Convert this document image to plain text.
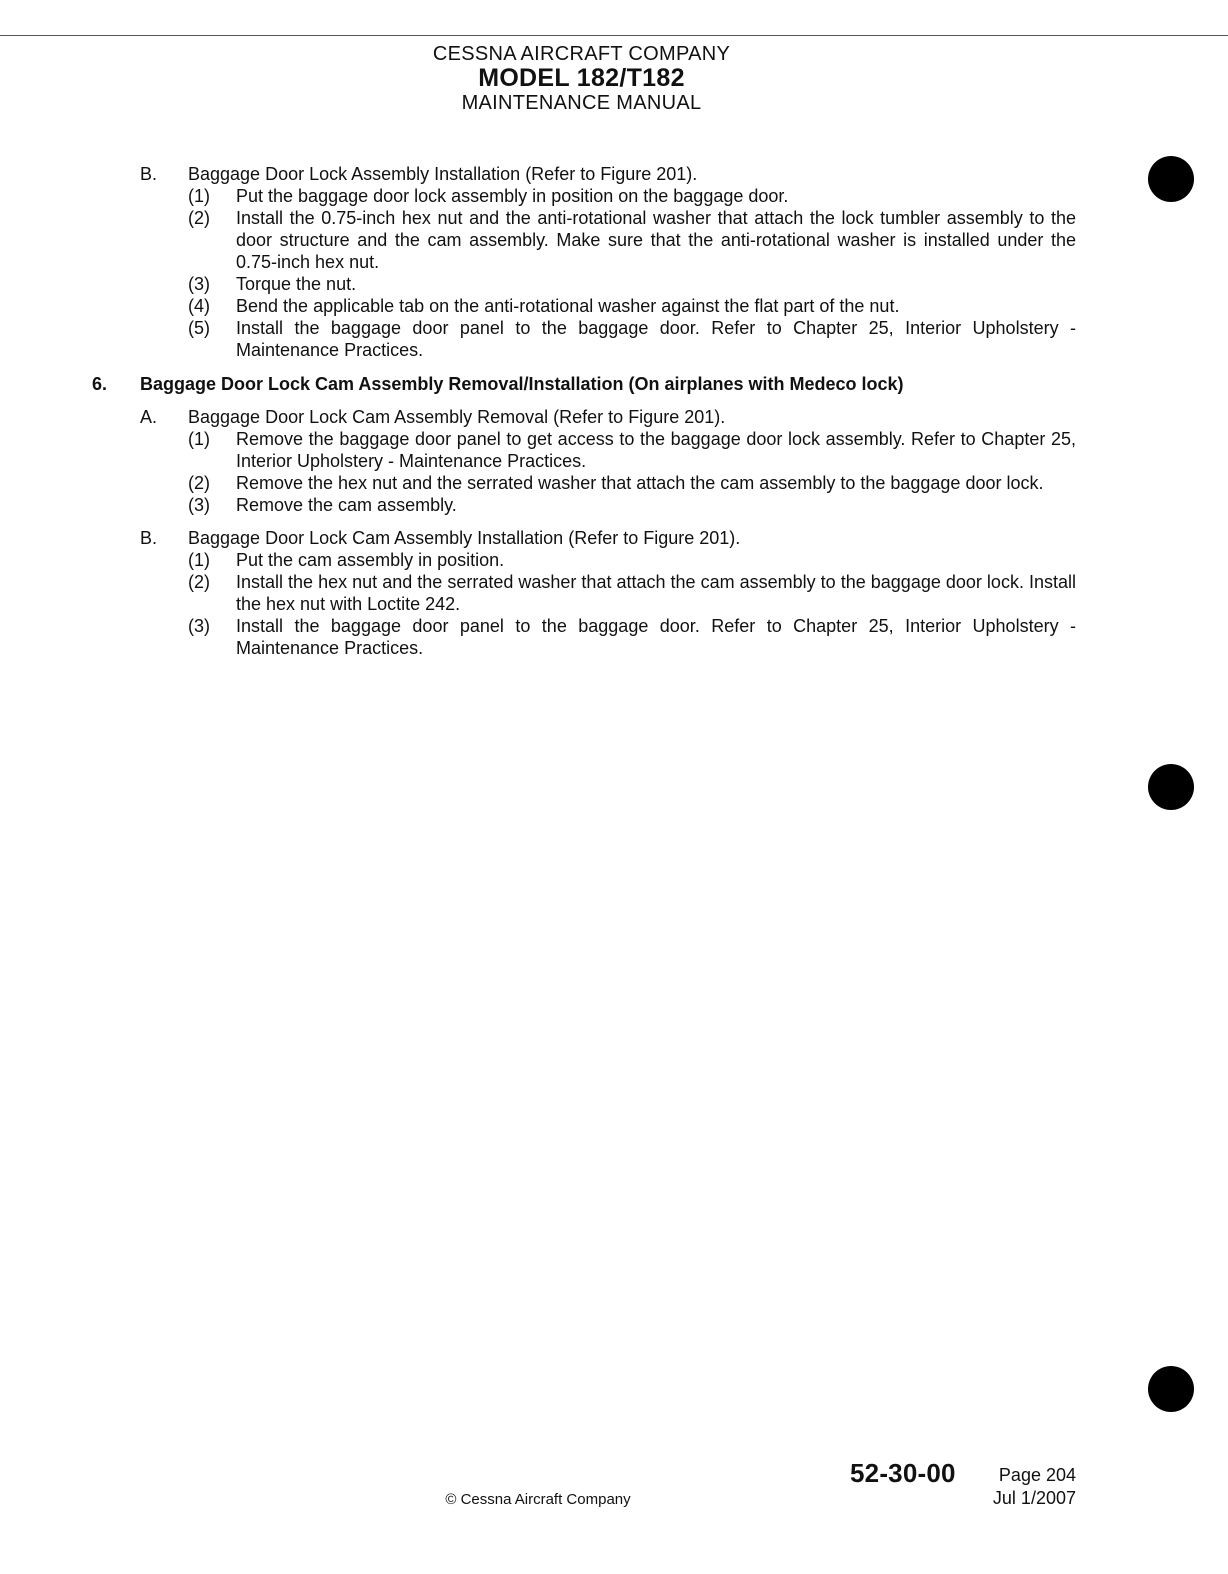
CESSNA AIRCRAFT COMPANY
MODEL 182/T182
MAINTENANCE MANUAL
B. Baggage Door Lock Assembly Installation (Refer to Figure 201).
(1) Put the baggage door lock assembly in position on the baggage door.
(2) Install the 0.75-inch hex nut and the anti-rotational washer that attach the lock tumbler assembly to the door structure and the cam assembly. Make sure that the anti-rotational washer is installed under the 0.75-inch hex nut.
(3) Torque the nut.
(4) Bend the applicable tab on the anti-rotational washer against the flat part of the nut.
(5) Install the baggage door panel to the baggage door. Refer to Chapter 25, Interior Upholstery - Maintenance Practices.
6. Baggage Door Lock Cam Assembly Removal/Installation (On airplanes with Medeco lock)
A. Baggage Door Lock Cam Assembly Removal (Refer to Figure 201).
(1) Remove the baggage door panel to get access to the baggage door lock assembly. Refer to Chapter 25, Interior Upholstery - Maintenance Practices.
(2) Remove the hex nut and the serrated washer that attach the cam assembly to the baggage door lock.
(3) Remove the cam assembly.
B. Baggage Door Lock Cam Assembly Installation (Refer to Figure 201).
(1) Put the cam assembly in position.
(2) Install the hex nut and the serrated washer that attach the cam assembly to the baggage door lock. Install the hex nut with Loctite 242.
(3) Install the baggage door panel to the baggage door. Refer to Chapter 25, Interior Upholstery - Maintenance Practices.
52-30-00 Page 204
Jul 1/2007
© Cessna Aircraft Company
